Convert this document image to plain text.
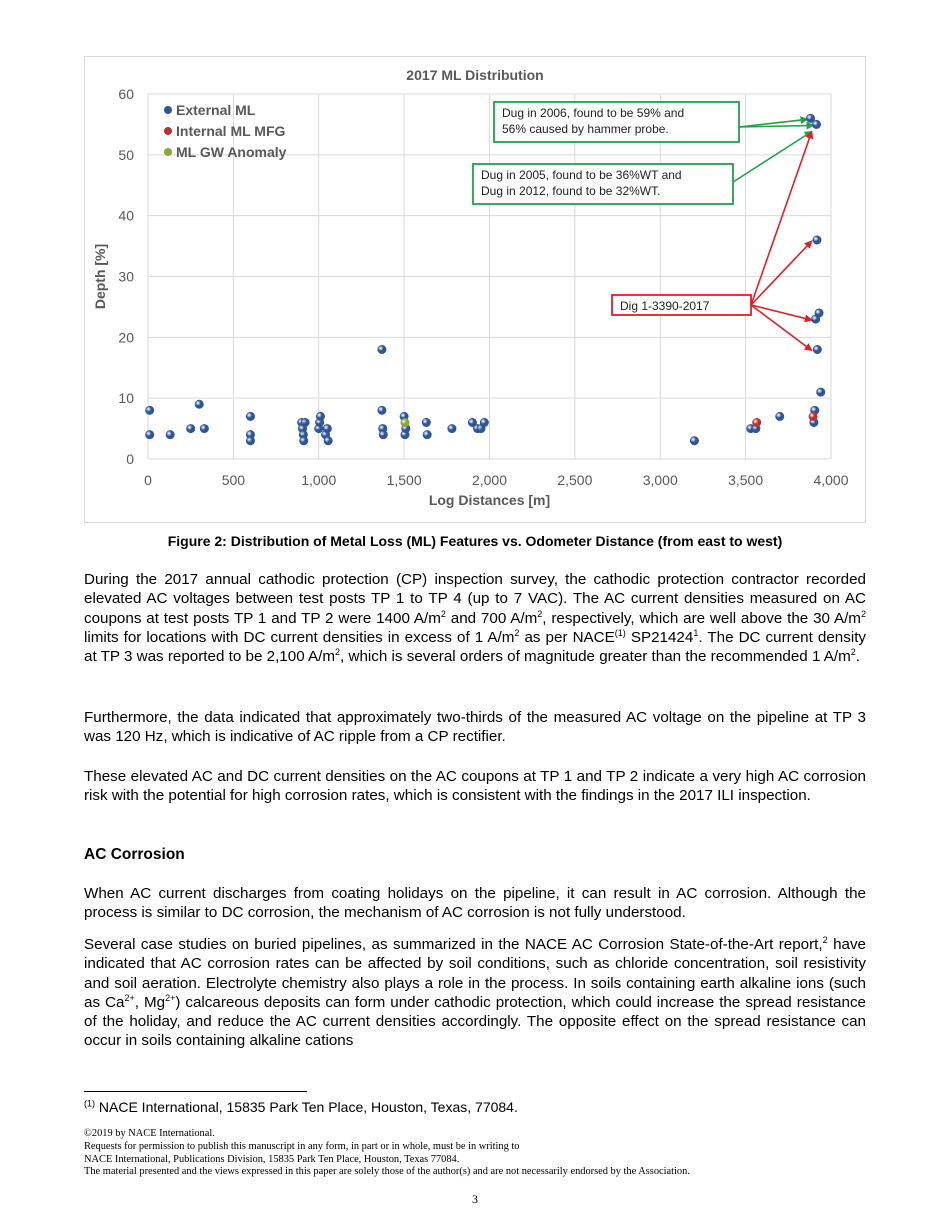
0
10
20
30
40
50
60
0	500	1,000	1,500	2,000	2,500	3,000	3,500	4,000
2017 ML Distribution
Log Distances [m]
Depth [%]
External ML
Internal ML MFG
ML GW Anomaly
Dug in 2006, found to be 59% and
56% caused by hammer probe.
Dug in 2005, found to be 36%WT and
Dug in 2012, found to be 32%WT.
Dig 1-3390-2017
Figure 2: Distribution of Metal Loss (ML) Features vs. Odometer Distance (from east to west)
During the 2017 annual cathodic protection (CP) inspection survey, the cathodic protection contractor recorded elevated AC voltages between test posts TP 1 to TP 4 (up to 7 VAC). The AC current densities measured on AC coupons at test posts TP 1 and TP 2 were 1400 $A/m^2$ and 700 $A/m^2$, respectively, which are well above the 30 $A/m^2$ limits for locations with DC current densities in excess of 1 $A/m^2$ as per NACE$^{(1)}$ SP21424$^1$. The DC current density at TP 3 was reported to be 2,100 $A/m^2$, which is several orders of magnitude greater than the recommended 1 $A/m^2$.
Furthermore, the data indicated that approximately two-thirds of the measured AC voltage on the pipeline at TP 3 was 120 Hz, which is indicative of AC ripple from a CP rectifier.
These elevated AC and DC current densities on the AC coupons at TP 1 and TP 2 indicate a very high AC corrosion risk with the potential for high corrosion rates, which is consistent with the findings in the 2017 ILI inspection.
AC Corrosion
When AC current discharges from coating holidays on the pipeline, it can result in AC corrosion. Although the process is similar to DC corrosion, the mechanism of AC corrosion is not fully understood.
Several case studies on buried pipelines, as summarized in the NACE AC Corrosion State-of-the-Art report,$^2$ have indicated that AC corrosion rates can be affected by soil conditions, such as chloride concentration, soil resistivity and soil aeration. Electrolyte chemistry also plays a role in the process. In soils containing earth alkaline ions (such as $Ca^{2+}$, $Mg^{2+}$) calcareous deposits can form under cathodic protection, which could increase the spread resistance of the holiday, and reduce the AC current densities accordingly. The opposite effect on the spread resistance can occur in soils containing alkaline cations
$^{(1)}$ NACE International, 15835 Park Ten Place, Houston, Texas, 77084.
©2019 by NACE International.
Requests for permission to publish this manuscript in any form, in part or in whole, must be in writing to
NACE International, Publications Division, 15835 Park Ten Place, Houston, Texas 77084.
The material presented and the views expressed in this paper are solely those of the author(s) and are not necessarily endorsed by the Association.
3
